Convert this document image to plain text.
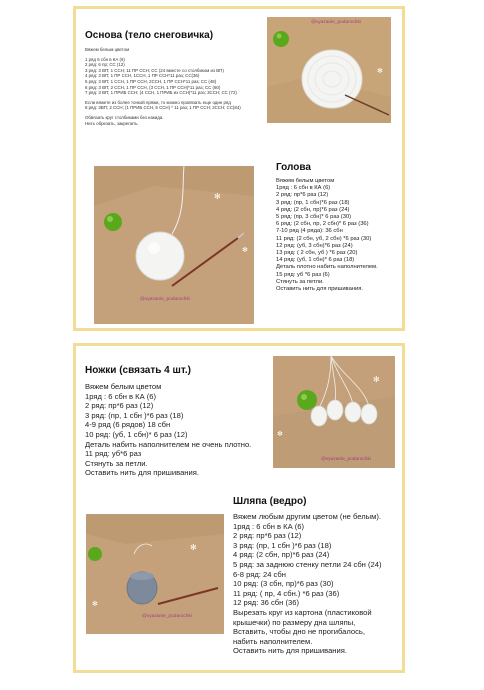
Основа (тело снеговичка)
Вяжем белым цветом
1 ряд 6 сбн в КА (6)
2 ряд: 6 пр; СС (12)
3 ряд: 3 ВП; 1 ССН; 11 ПР ССН; СС (24 вместе со столбиком из ВП)
4 ряд: 3 ВП; 1 ПР ССН, 1ССН, 1 ПР ССН*11 раз; СС(36)
5 ряд: 3 ВП; 1 ССН, 1 ПР ССН, 2ССН, 1 ПР ССН*11 раз; СС (48)
6 ряд: 3 ВП; 2 ССН, 1 ПР ССН, (3 ССН, 1 ПР ССН)*11 раз; СС (60)
7 ряд: 3 ВП; 1 ПРИБ ССН; (4 ССН, 1 ПРИБ из ССН)*11 раз; 3ССН; СС (72)
Если вяжете из более тонкой пряжи, то можно провязать еще один ряд
8 ряд: 3ВП; 2 ССН; (1 ПРИБ ССН, 5 ССН) * 11 раз; 1 ПР ССН; 2ССН; СС(84)
Обвязать круг столбиками без накида.
Нить обрезать, закрепить.
✻
@vyazanie_podarochki
✻
✻
@vyazanie_podarochki
Голова
Вяжем белым цветом
1ряд : 6 сбн в КА (6)
2 ряд: пр*6 раз (12)
3 ряд: (пр, 1 сбн)*6 раз (18)
4 ряд: (2 сбн, пр)*6 раз (24)
5 ряд: (пр, 3 сбн)* 6 раз (30)
6 ряд: (2 сбн, пр, 2 сбн)* 6 раз (36)
7-10 ряд (4 ряда): 36 сбн
11 ряд: (2 сбн, уб, 2 сбн) *6 раз (30)
12 ряд: (уб, 3 сбн)*6 раз (24)
13 ряд: ( 2 сбн, уб ) *6 раз (20)
14 ряд: (уб, 1 сбн)* 6 раз (18)
Деталь плотно набить наполнителем.
15 ряд: уб *6 раз (6)
Стянуть за петли.
Оставить нить для пришивания.
Ножки (связать 4 шт.)
Вяжем белым цветом
1ряд : 6 сбн в КА (6)
2 ряд: пр*6 раз (12)
3 ряд: (пр, 1 сбн )*6 раз (18)
4-9 ряд (6 рядов) 18 сбн
10 ряд: (уб, 1 сбн)* 6 раз (12)
Деталь набить наполнителем не очень плотно.
11 ряд: уб*6 раз
Стянуть за петли.
Оставить нить для пришивания.
✻
✻
@vyazanie_podarochki
✻
✻
@vyazanie_podarochki
Шляпа (ведро)
Вяжем любым другим цветом (не белым).
1ряд : 6 сбн в КА (6)
2 ряд: пр*6 раз (12)
3 ряд: (пр, 1 сбн )*6 раз (18)
4 ряд: (2 сбн, пр)*6 раз (24)
5 ряд: за заднюю стенку петли 24 сбн (24)
6-8 ряд: 24 сбн
10 ряд: (3 сбн, пр)*6 раз (30)
11 ряд: ( пр, 4 сбн.) *6 раз (36)
12 ряд: 36 сбн (36)
Вырезать круг из картона (пластиковой
крышечки) по размеру дна шляпы,
Вставить, чтобы дно не прогибалось,
набить наполнителем.
Оставить нить для пришивания.
